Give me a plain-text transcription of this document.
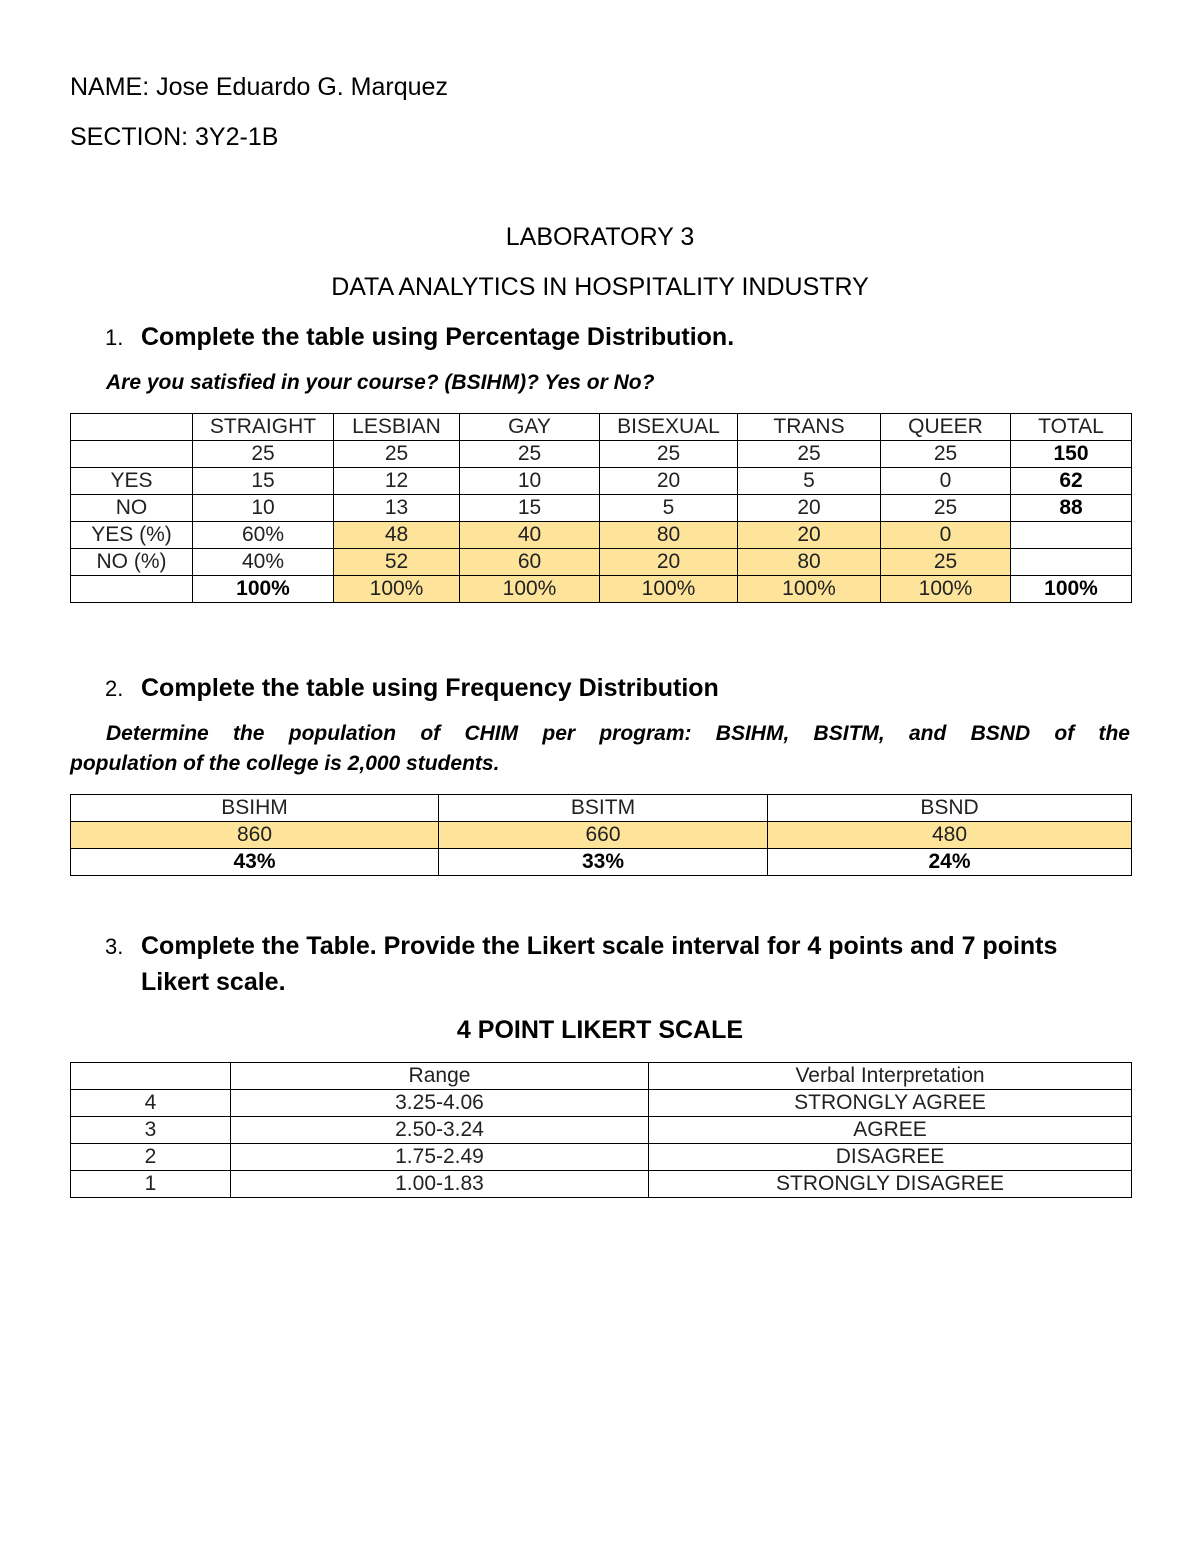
NAME: Jose Eduardo G. Marquez
SECTION: 3Y2-1B
LABORATORY 3
DATA ANALYTICS IN HOSPITALITY INDUSTRY
1. Complete the table using Percentage Distribution.
Are you satisfied in your course? (BSIHM)? Yes or No?
	STRAIGHT	LESBIAN	GAY	BISEXUAL	TRANS	QUEER	TOTAL
	25	25	25	25	25	25	150
YES	15	12	10	20	5	0	62
NO	10	13	15	5	20	25	88
YES (%)	60%	48	40	80	20	0	
NO (%)	40%	52	60	20	80	25	
	100%	100%	100%	100%	100%	100%	100%
2. Complete the table using Frequency Distribution
Determine the population of CHIM per program: BSIHM, BSITM, and BSND of the
population of the college is 2,000 students.
BSIHM	BSITM	BSND
860	660	480
43%	33%	24%
3. Complete the Table. Provide the Likert scale interval for 4 points and 7 points
Likert scale.
4 POINT LIKERT SCALE
	Range	Verbal Interpretation
4	3.25-4.06	STRONGLY AGREE
3	2.50-3.24	AGREE
2	1.75-2.49	DISAGREE
1	1.00-1.83	STRONGLY DISAGREE
